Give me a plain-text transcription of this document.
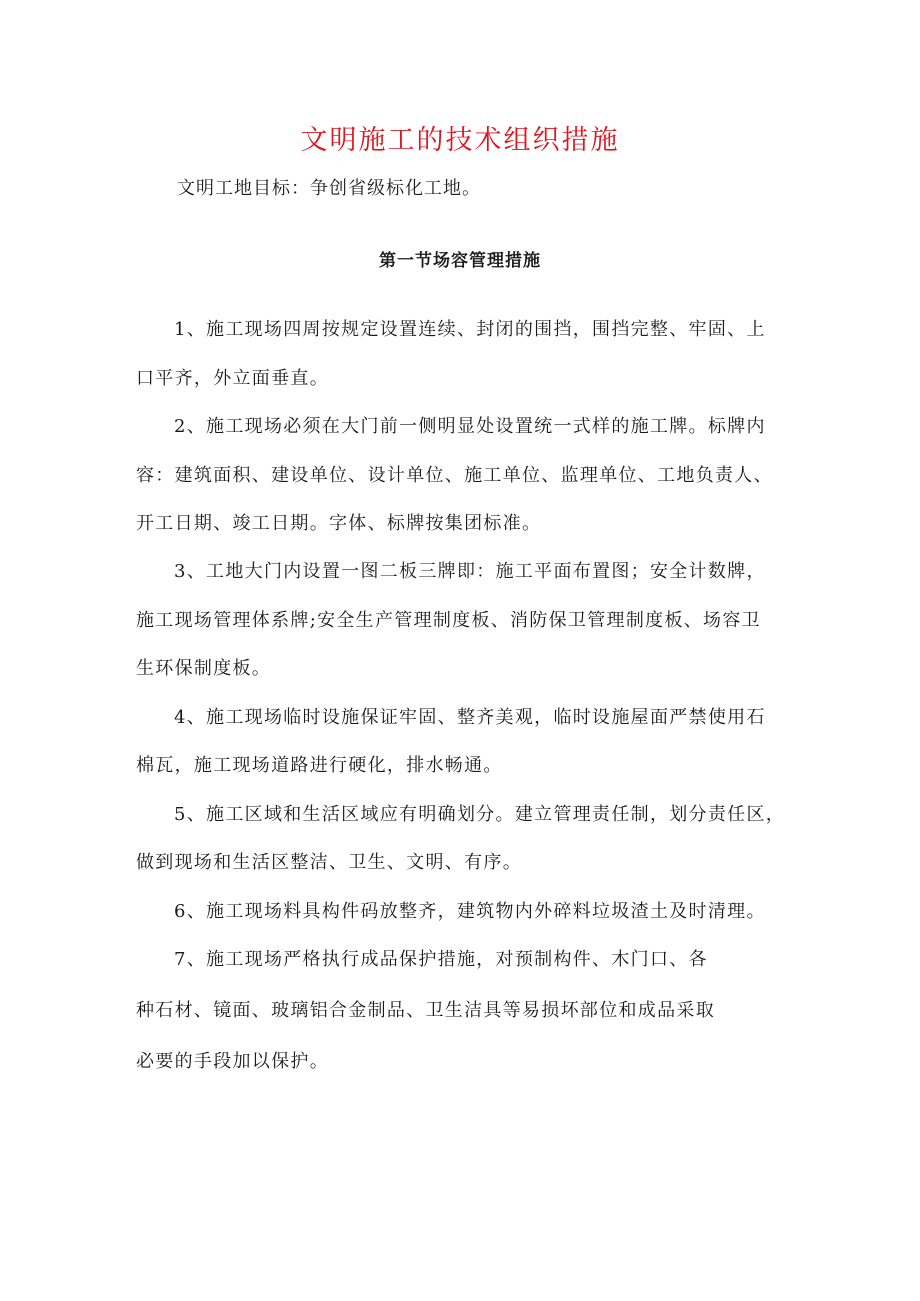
文明施工的技术组织措施

文明工地目标：争创省级标化工地。

第一节场容管理措施

1、施工现场四周按规定设置连续、封闭的围挡，围挡完整、牢固、上

口平齐，外立面垂直。

2、施工现场必须在大门前一侧明显处设置统一式样的施工牌。标牌内

容：建筑面积、建设单位、设计单位、施工单位、监理单位、工地负责人、

开工日期、竣工日期。字体、标牌按集团标准。

3、工地大门内设置一图二板三牌即：施工平面布置图；安全计数牌，

施工现场管理体系牌;安全生产管理制度板、消防保卫管理制度板、场容卫

生环保制度板。

4、施工现场临时设施保证牢固、整齐美观，临时设施屋面严禁使用石

棉瓦，施工现场道路进行硬化，排水畅通。

5、施工区域和生活区域应有明确划分。建立管理责任制，划分责任区，

做到现场和生活区整洁、卫生、文明、有序。

6、施工现场料具构件码放整齐，建筑物内外碎料垃圾渣土及时清理。

7、施工现场严格执行成品保护措施，对预制构件、木门口、各

种石材、镜面、玻璃铝合金制品、卫生洁具等易损坏部位和成品采取

必要的手段加以保护。
